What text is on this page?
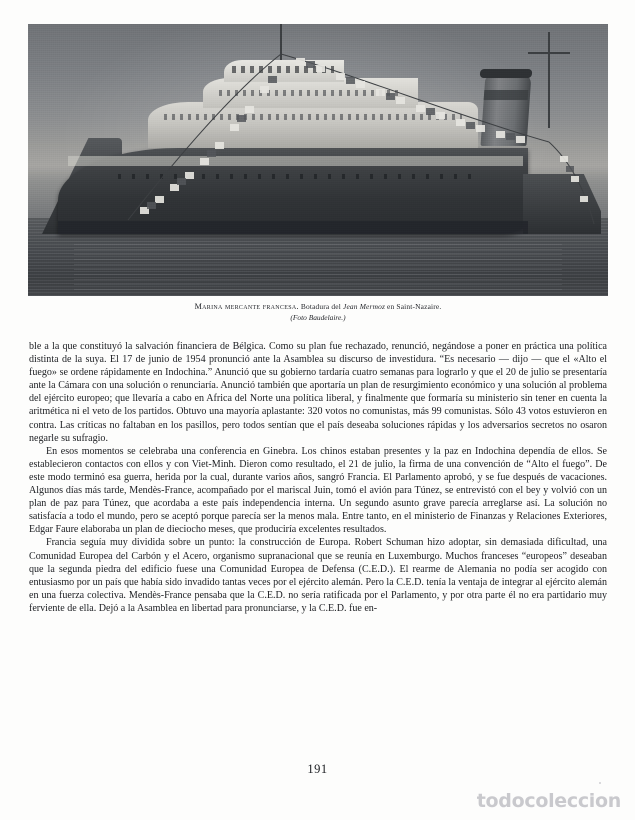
Marina mercante francesa. Botadura del Jean Mermoz en Saint-Nazaire.
(Foto Baudelaire.)

ble a la que constituyó la salvación financiera de Bélgica. Como su plan fue rechazado, renunció, negándose a poner en práctica una política distinta de la suya. El 17 de junio de 1954 pronunció ante la Asamblea su discurso de investidura. “Es necesario — dijo — que el «Alto el fuego» se ordene rápidamente en Indochina.” Anunció que su gobierno tardaría cuatro semanas para lograrlo y que el 20 de julio se presentaría ante la Cámara con una solución o renunciaría. Anunció también que aportaría un plan de resurgimiento económico y una solución al problema del ejército europeo; que llevaría a cabo en Africa del Norte una política liberal, y finalmente que formaría su ministerio sin tener en cuenta la aritmética ni el veto de los partidos. Obtuvo una mayoría aplastante: 320 votos no comunistas, más 99 comunistas. Sólo 43 votos estuvieron en contra. Las críticas no faltaban en los pasillos, pero todos sentían que el país deseaba soluciones rápidas y los adversarios secretos no osaron negarle su sufragio.

En esos momentos se celebraba una conferencia en Ginebra. Los chinos estaban presentes y la paz en Indochina dependía de ellos. Se establecieron contactos con ellos y con Viet-Minh. Dieron como resultado, el 21 de julio, la firma de una convención de “Alto el fuego”. De este modo terminó esa guerra, herida por la cual, durante varios años, sangró Francia. El Parlamento aprobó, y se fue después de vacaciones. Algunos días más tarde, Mendès-France, acompañado por el mariscal Juin, tomó el avión para Túnez, se entrevistó con el bey y volvió con un plan de paz para Túnez, que acordaba a este país independencia interna. Un segundo asunto grave parecía arreglarse así. La solución no satisfacía a todo el mundo, pero se aceptó porque parecía ser la menos mala. Entre tanto, en el ministerio de Finanzas y Relaciones Exteriores, Edgar Faure elaboraba un plan de dieciocho meses, que produciría excelentes resultados.

Francia seguía muy dividida sobre un punto: la construcción de Europa. Robert Schuman hizo adoptar, sin demasiada dificultad, una Comunidad Europea del Carbón y el Acero, organismo supranacional que se reunía en Luxemburgo. Muchos franceses “europeos” deseaban que la segunda piedra del edificio fuese una Comunidad Europea de Defensa (C.E.D.). El rearme de Alemania no podía ser acogido con entusiasmo por un país que había sido invadido tantas veces por el ejército alemán. Pero la C.E.D. tenía la ventaja de integrar al ejército alemán en una fuerza colectiva. Mendès-France pensaba que la C.E.D. no sería ratificada por el Parlamento, y por otra parte él no era partidario muy ferviente de ella. Dejó a la Asamblea en libertad para pronunciarse, y la C.E.D. fue en-

191
todocoleccion
